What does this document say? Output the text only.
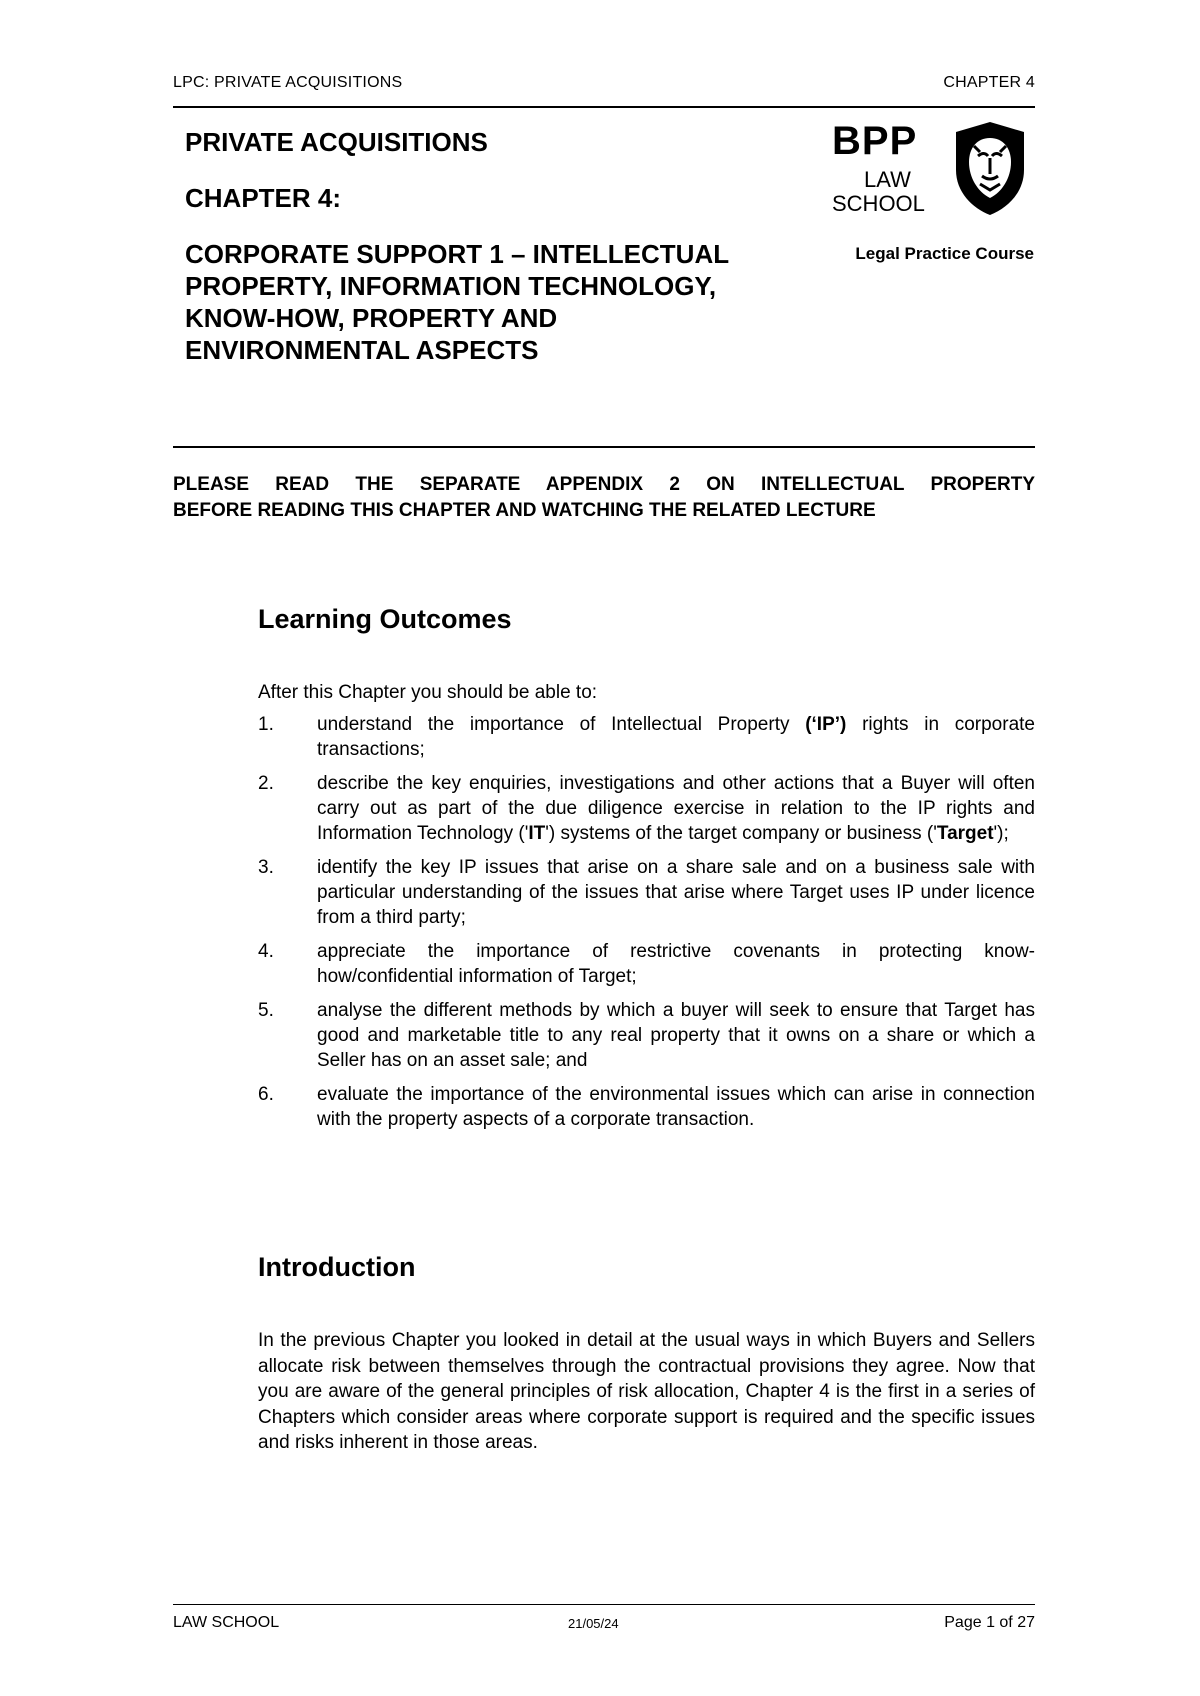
LPC: PRIVATE ACQUISITIONS	CHAPTER 4
PRIVATE ACQUISITIONS
CHAPTER 4:
CORPORATE SUPPORT 1 – INTELLECTUAL PROPERTY, INFORMATION TECHNOLOGY, KNOW-HOW, PROPERTY AND ENVIRONMENTAL ASPECTS
BPP
LAW
SCHOOL
Legal Practice Course
PLEASE READ THE SEPARATE APPENDIX 2 ON INTELLECTUAL PROPERTY
BEFORE READING THIS CHAPTER AND WATCHING THE RELATED LECTURE
Learning Outcomes
After this Chapter you should be able to:
1. understand the importance of Intellectual Property (‘IP’) rights in corporate transactions;
2. describe the key enquiries, investigations and other actions that a Buyer will often carry out as part of the due diligence exercise in relation to the IP rights and Information Technology ('IT') systems of the target company or business ('Target');
3. identify the key IP issues that arise on a share sale and on a business sale with particular understanding of the issues that arise where Target uses IP under licence from a third party;
4. appreciate the importance of restrictive covenants in protecting know-how/confidential information of Target;
5. analyse the different methods by which a buyer will seek to ensure that Target has good and marketable title to any real property that it owns on a share or which a Seller has on an asset sale; and
6. evaluate the importance of the environmental issues which can arise in connection with the property aspects of a corporate transaction.
Introduction
In the previous Chapter you looked in detail at the usual ways in which Buyers and Sellers allocate risk between themselves through the contractual provisions they agree. Now that you are aware of the general principles of risk allocation, Chapter 4 is the first in a series of Chapters which consider areas where corporate support is required and the specific issues and risks inherent in those areas.
LAW SCHOOL	21/05/24	Page 1 of 27
